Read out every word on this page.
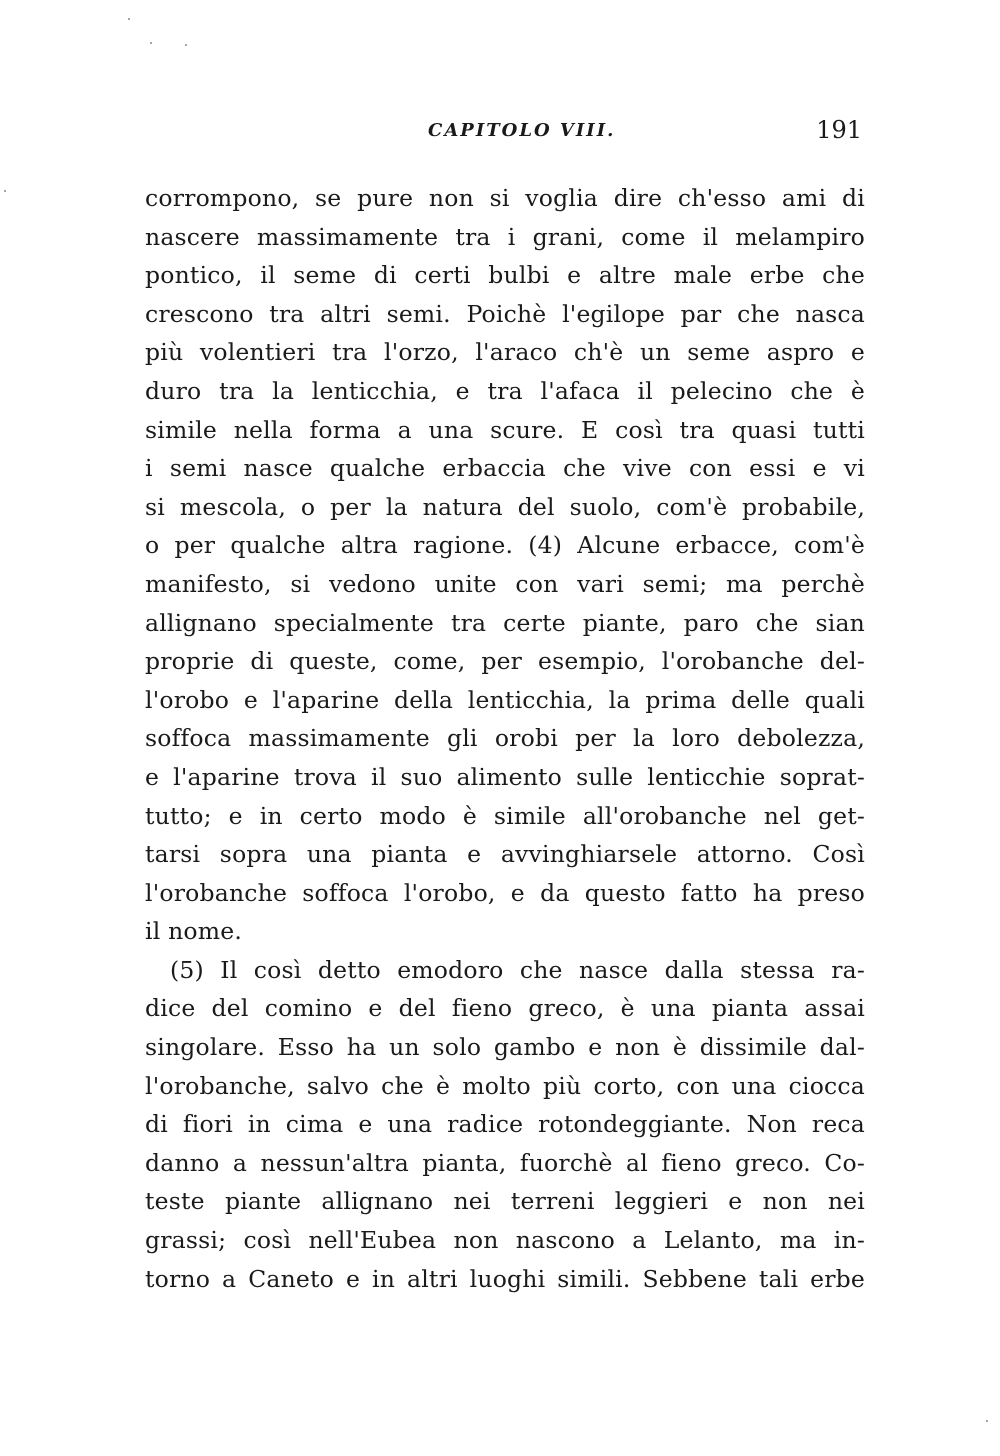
CAPITOLO VIII.	191
corrompono, se pure non si voglia dire ch'esso ami di
nascere massimamente tra i grani, come il melampiro
pontico, il seme di certi bulbi e altre male erbe che
crescono tra altri semi. Poichè l'egilope par che nasca
più volentieri tra l'orzo, l'araco ch'è un seme aspro e
duro tra la lenticchia, e tra l'afaca il pelecino che è
simile nella forma a una scure. E così tra quasi tutti
i semi nasce qualche erbaccia che vive con essi e vi
si mescola, o per la natura del suolo, com'è probabile,
o per qualche altra ragione. (4) Alcune erbacce, com'è
manifesto, si vedono unite con vari semi; ma perchè
allignano specialmente tra certe piante, paro che sian
proprie di queste, come, per esempio, l'orobanche del-
l'orobo e l'aparine della lenticchia, la prima delle quali
soffoca massimamente gli orobi per la loro debolezza,
e l'aparine trova il suo alimento sulle lenticchie soprat-
tutto; e in certo modo è simile all'orobanche nel get-
tarsi sopra una pianta e avvinghiarsele attorno. Così
l'orobanche soffoca l'orobo, e da questo fatto ha preso
il nome.
(5) Il così detto emodoro che nasce dalla stessa ra-
dice del comino e del fieno greco, è una pianta assai
singolare. Esso ha un solo gambo e non è dissimile dal-
l'orobanche, salvo che è molto più corto, con una ciocca
di fiori in cima e una radice rotondeggiante. Non reca
danno a nessun'altra pianta, fuorchè al fieno greco. Co-
teste piante allignano nei terreni leggieri e non nei
grassi; così nell'Eubea non nascono a Lelanto, ma in-
torno a Caneto e in altri luoghi simili. Sebbene tali erbe
